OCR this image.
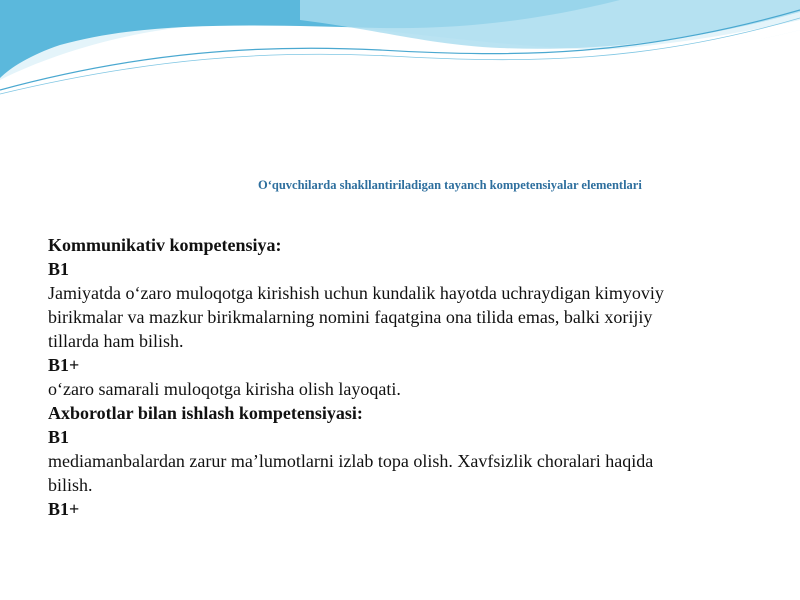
O‘quvchilarda shakllantiriladigan tayanch kompetensiyalar elementlari
Kommunikativ kompetensiya:
B1
Jamiyatda o‘zaro muloqotga kirishish uchun kundalik hayotda uchraydigan kimyoviy
birikmalar va mazkur birikmalarning nomini faqatgina ona tilida emas, balki xorijiy
tillarda ham bilish.
B1+
o‘zaro samarali muloqotga kirisha olish layoqati.
Axborotlar bilan ishlash kompetensiyasi:
B1
mediamanbalardan zarur ma’lumotlarni izlab topa olish. Xavfsizlik choralari haqida
bilish.
B1+
